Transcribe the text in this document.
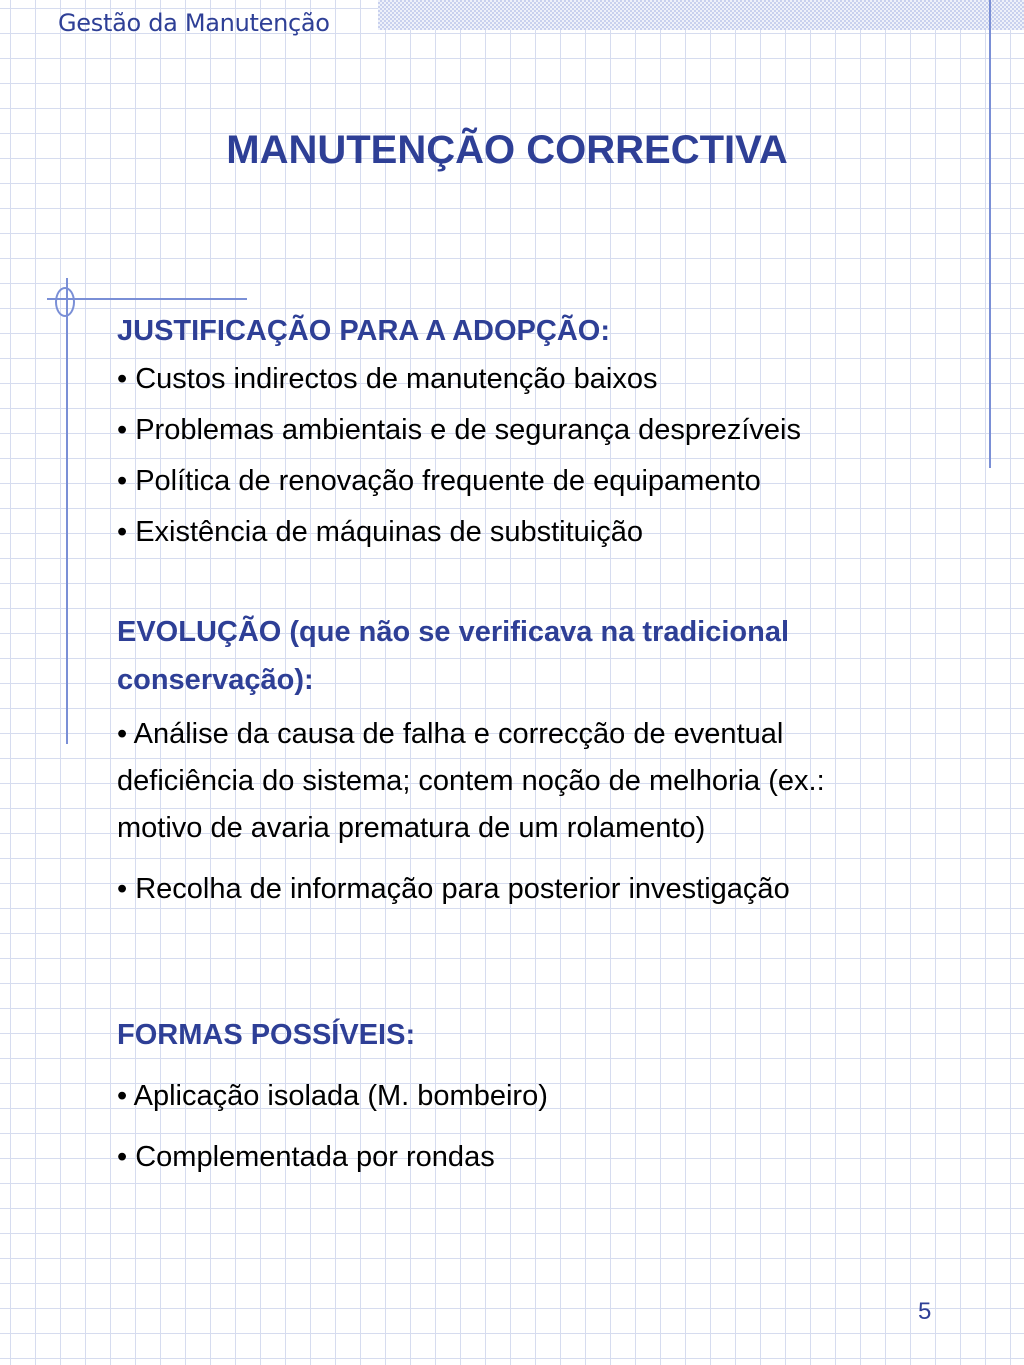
Gestão da Manutenção

MANUTENÇÃO CORRECTIVA

JUSTIFICAÇÃO PARA A ADOPÇÃO:

• Custos indirectos de manutenção baixos

• Problemas ambientais e de segurança desprezíveis

• Política de renovação frequente de equipamento

• Existência de máquinas de substituição

EVOLUÇÃO (que não se verificava na tradicional conservação):

• Análise da causa de falha e correcção de eventual deficiência do sistema; contem noção de melhoria (ex.: motivo de avaria prematura de um rolamento)

• Recolha de informação para posterior investigação

FORMAS POSSÍVEIS:

• Aplicação isolada (M. bombeiro)

• Complementada por rondas

5
